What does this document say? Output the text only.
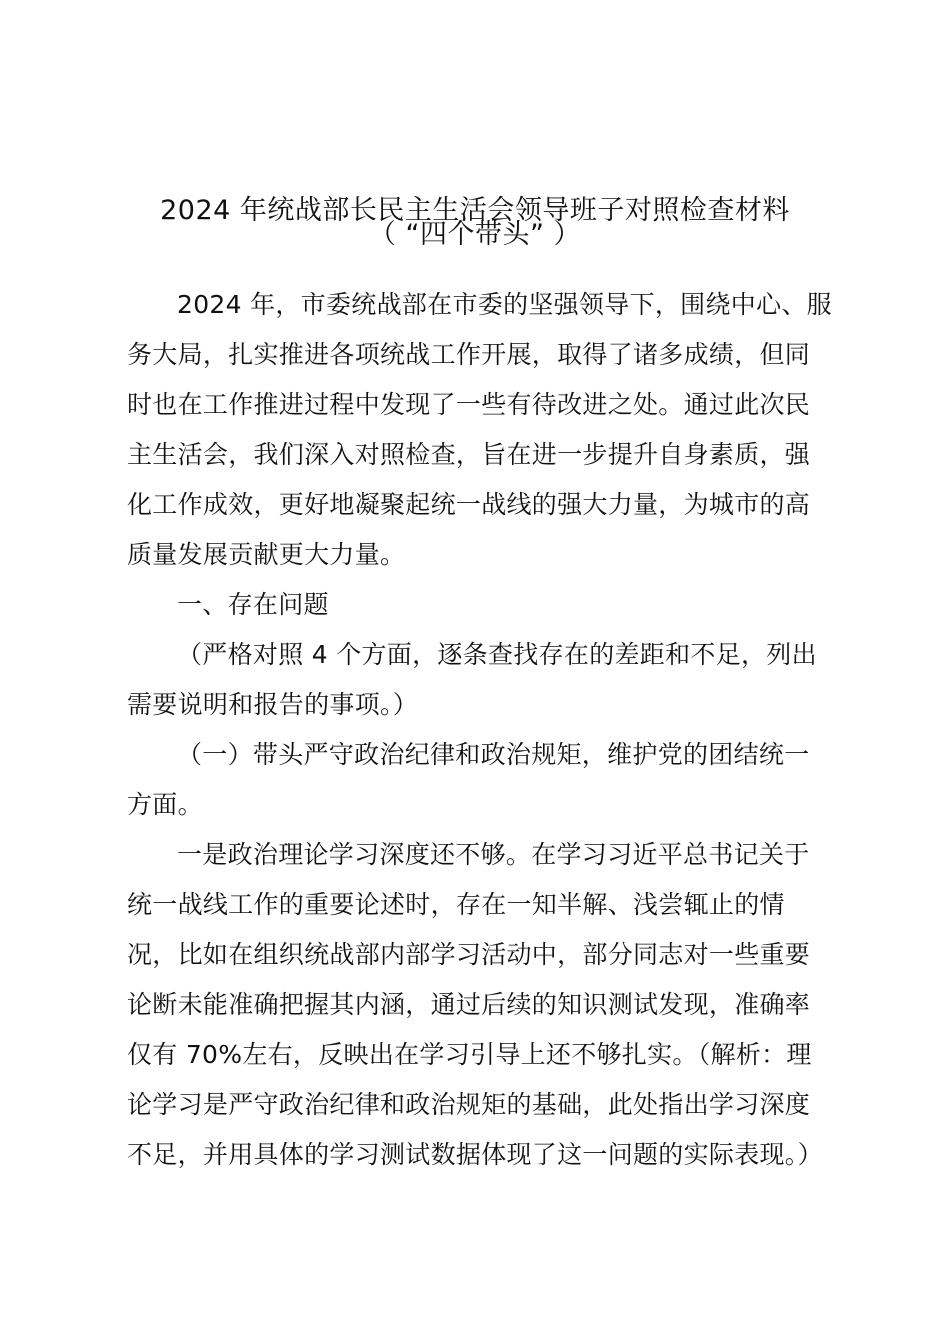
2024 年统战部长民主生活会领导班子对照检查材料
（ “四个带头” ）

2024 年，市委统战部在市委的坚强领导下，围绕中心、服务大局，扎实推进各项统战工作开展，取得了诸多成绩，但同时也在工作推进过程中发现了一些有待改进之处。通过此次民主生活会，我们深入对照检查，旨在进一步提升自身素质，强化工作成效，更好地凝聚起统一战线的强大力量，为城市的高质量发展贡献更大力量。

一、存在问题

（严格对照 4 个方面，逐条查找存在的差距和不足，列出需要说明和报告的事项。）

（一）带头严守政治纪律和政治规矩，维护党的团结统一方面。

一是政治理论学习深度还不够。在学习习近平总书记关于统一战线工作的重要论述时，存在一知半解、浅尝辄止的情况，比如在组织统战部内部学习活动中，部分同志对一些重要论断未能准确把握其内涵，通过后续的知识测试发现，准确率仅有 70%左右，反映出在学习引导上还不够扎实。（解析：理论学习是严守政治纪律和政治规矩的基础，此处指出学习深度不足，并用具体的学习测试数据体现了这一问题的实际表现。）
